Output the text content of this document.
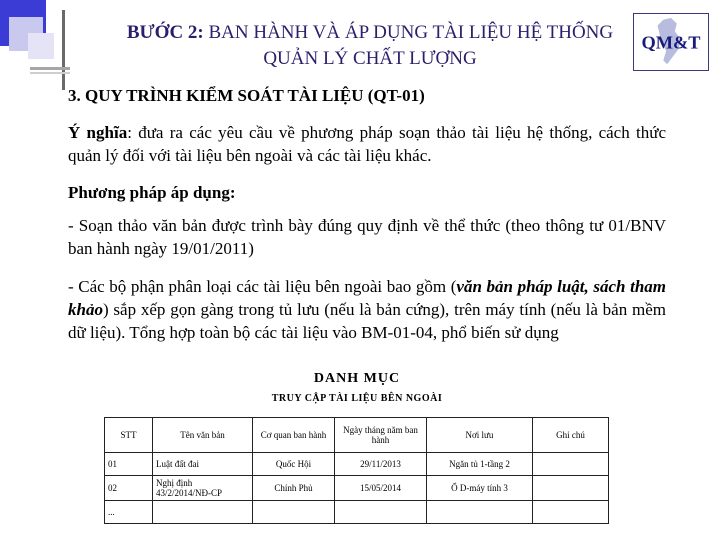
BƯỚC 2: BAN HÀNH VÀ ÁP DỤNG TÀI LIỆU HỆ THỐNG QUẢN LÝ CHẤT LƯỢNG
QM&T
3. QUY TRÌNH KIỂM SOÁT TÀI LIỆU (QT-01)
Ý nghĩa: đưa ra các yêu cầu về phương pháp soạn thảo tài liệu hệ thống, cách thức quản lý đối với tài liệu bên ngoài và các tài liệu khác.
Phương pháp áp dụng:
- Soạn thảo văn bản được trình bày đúng quy định về thể thức (theo thông tư 01/BNV ban hành ngày 19/01/2011)
- Các bộ phận phân loại các tài liệu bên ngoài bao gồm (văn bản pháp luật, sách tham khảo) sắp xếp gọn gàng trong tủ lưu (nếu là bản cứng), trên máy tính (nếu là bản mềm dữ liệu). Tổng hợp toàn bộ các tài liệu vào BM-01-04, phổ biến sử dụng
DANH MỤC
TRUY CẬP TÀI LIỆU BÊN NGOÀI
STT	Tên văn bản	Cơ quan ban hành	Ngày tháng năm ban hành	Nơi lưu	Ghi chú
01	Luật đất đai	Quốc Hội	29/11/2013	Ngăn tủ 1-tầng 2	
02	Nghị định 43/2/2014/NĐ-CP	Chính Phủ	15/05/2014	Ổ D-máy tính 3	
...					
